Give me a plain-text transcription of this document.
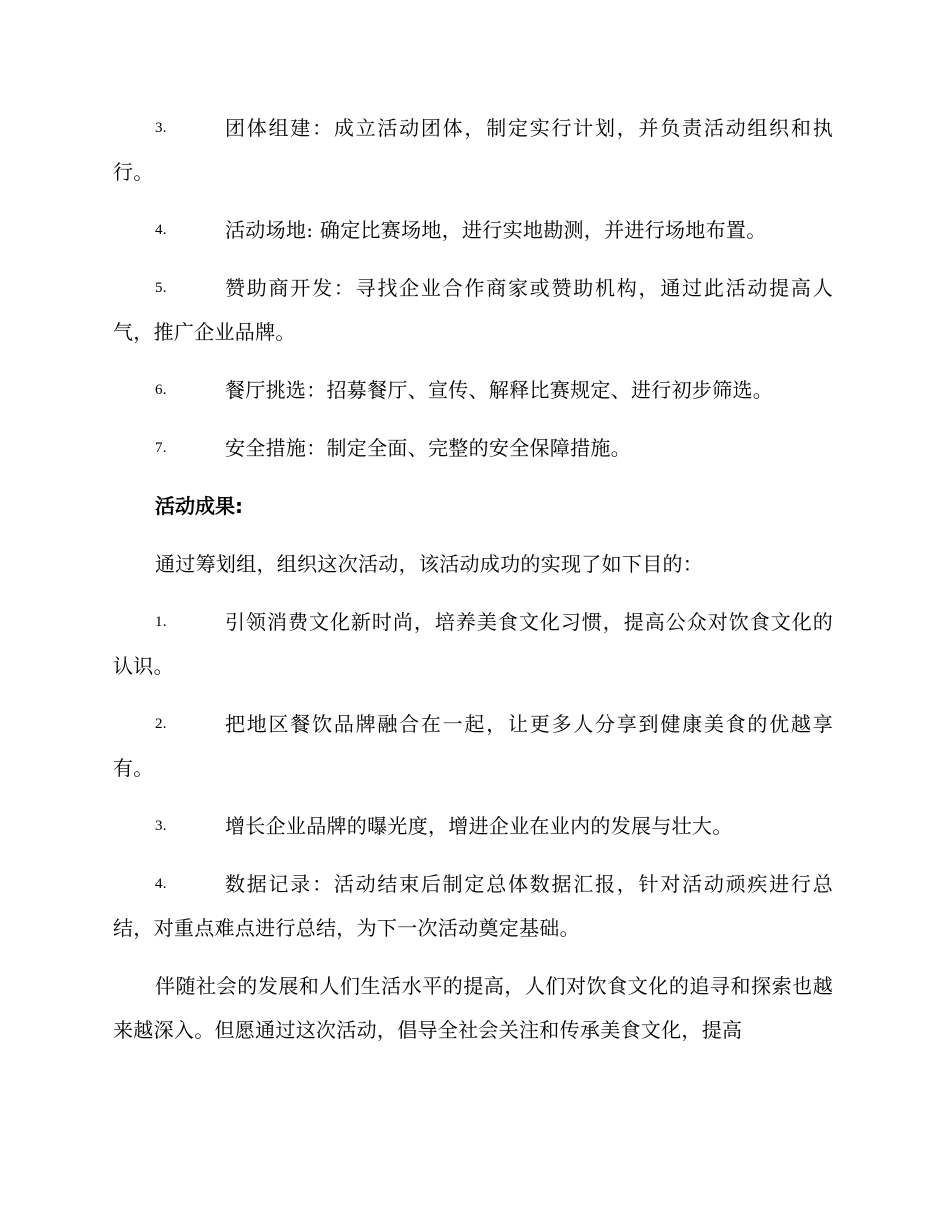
3.	团体组建：成立活动团体，制定实行计划，并负责活动组织和执行。
4.	活动场地: 确定比赛场地，进行实地勘测，并进行场地布置。
5.	赞助商开发：寻找企业合作商家或赞助机构，通过此活动提高人气，推广企业品牌。
6.	餐厅挑选：招募餐厅、宣传、解释比赛规定、进行初步筛选。
7.	安全措施：制定全面、完整的安全保障措施。
活动成果:

通过筹划组，组织这次活动，该活动成功的实现了如下目的：

1.	引领消费文化新时尚，培养美食文化习惯，提高公众对饮食文化的认识。
2.	把地区餐饮品牌融合在一起，让更多人分享到健康美食的优越享有。
3.	增长企业品牌的曝光度，增进企业在业内的发展与壮大。
4.	数据记录：活动结束后制定总体数据汇报，针对活动顽疾进行总结，对重点难点进行总结，为下一次活动奠定基础。

伴随社会的发展和人们生活水平的提高，人们对饮食文化的追寻和探索也越来越深入。但愿通过这次活动，倡导全社会关注和传承美食文化，提高
